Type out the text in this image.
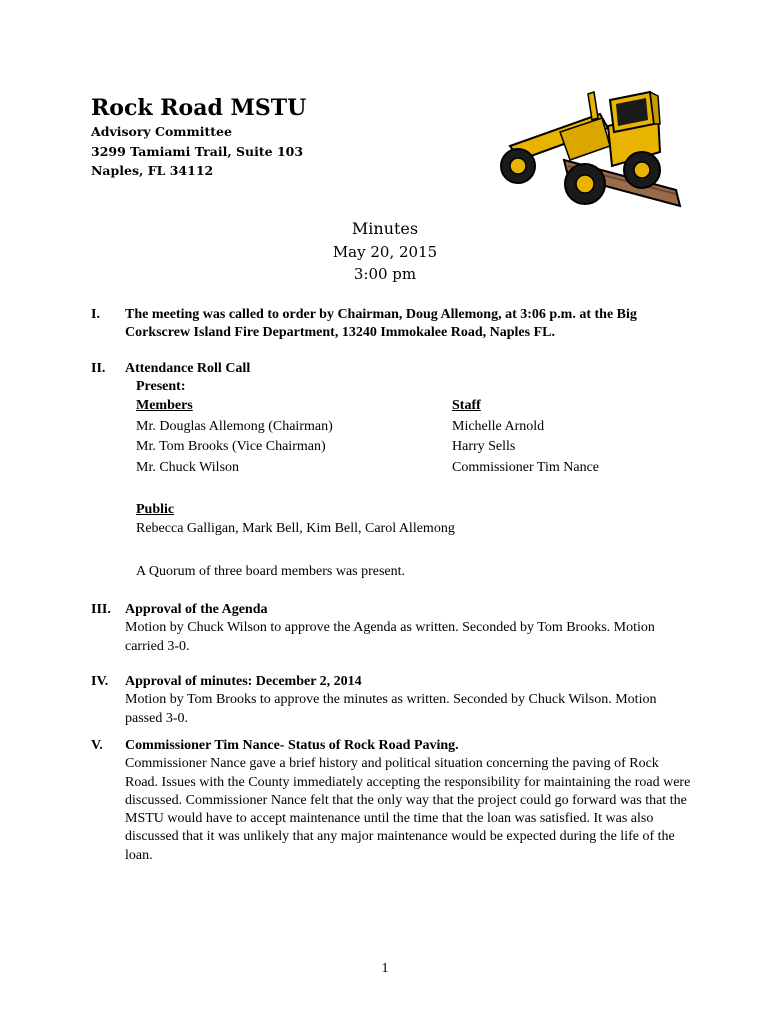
Rock Road MSTU
Advisory Committee
3299 Tamiami Trail, Suite 103
Naples, FL 34112
Minutes
May 20, 2015
3:00 pm
I. The meeting was called to order by Chairman, Doug Allemong, at 3:06 p.m. at the Big Corkscrew Island Fire Department, 13240 Immokalee Road, Naples FL.
II. Attendance Roll Call
Present:
Members
Mr. Douglas Allemong (Chairman)
Mr. Tom Brooks (Vice Chairman)
Mr. Chuck Wilson
Staff
Michelle Arnold
Harry Sells
Commissioner Tim Nance
Public
Rebecca Galligan, Mark Bell, Kim Bell, Carol Allemong
A Quorum of three board members was present.
III. Approval of the Agenda
Motion by Chuck Wilson to approve the Agenda as written. Seconded by Tom Brooks. Motion carried 3-0.
IV. Approval of minutes: December 2, 2014
Motion by Tom Brooks to approve the minutes as written. Seconded by Chuck Wilson. Motion passed 3-0.
V. Commissioner Tim Nance- Status of Rock Road Paving.
Commissioner Nance gave a brief history and political situation concerning the paving of Rock Road. Issues with the County immediately accepting the responsibility for maintaining the road were discussed. Commissioner Nance felt that the only way that the project could go forward was that the MSTU would have to accept maintenance until the time that the loan was satisfied. It was also discussed that it was unlikely that any major maintenance would be expected during the life of the loan.
1
